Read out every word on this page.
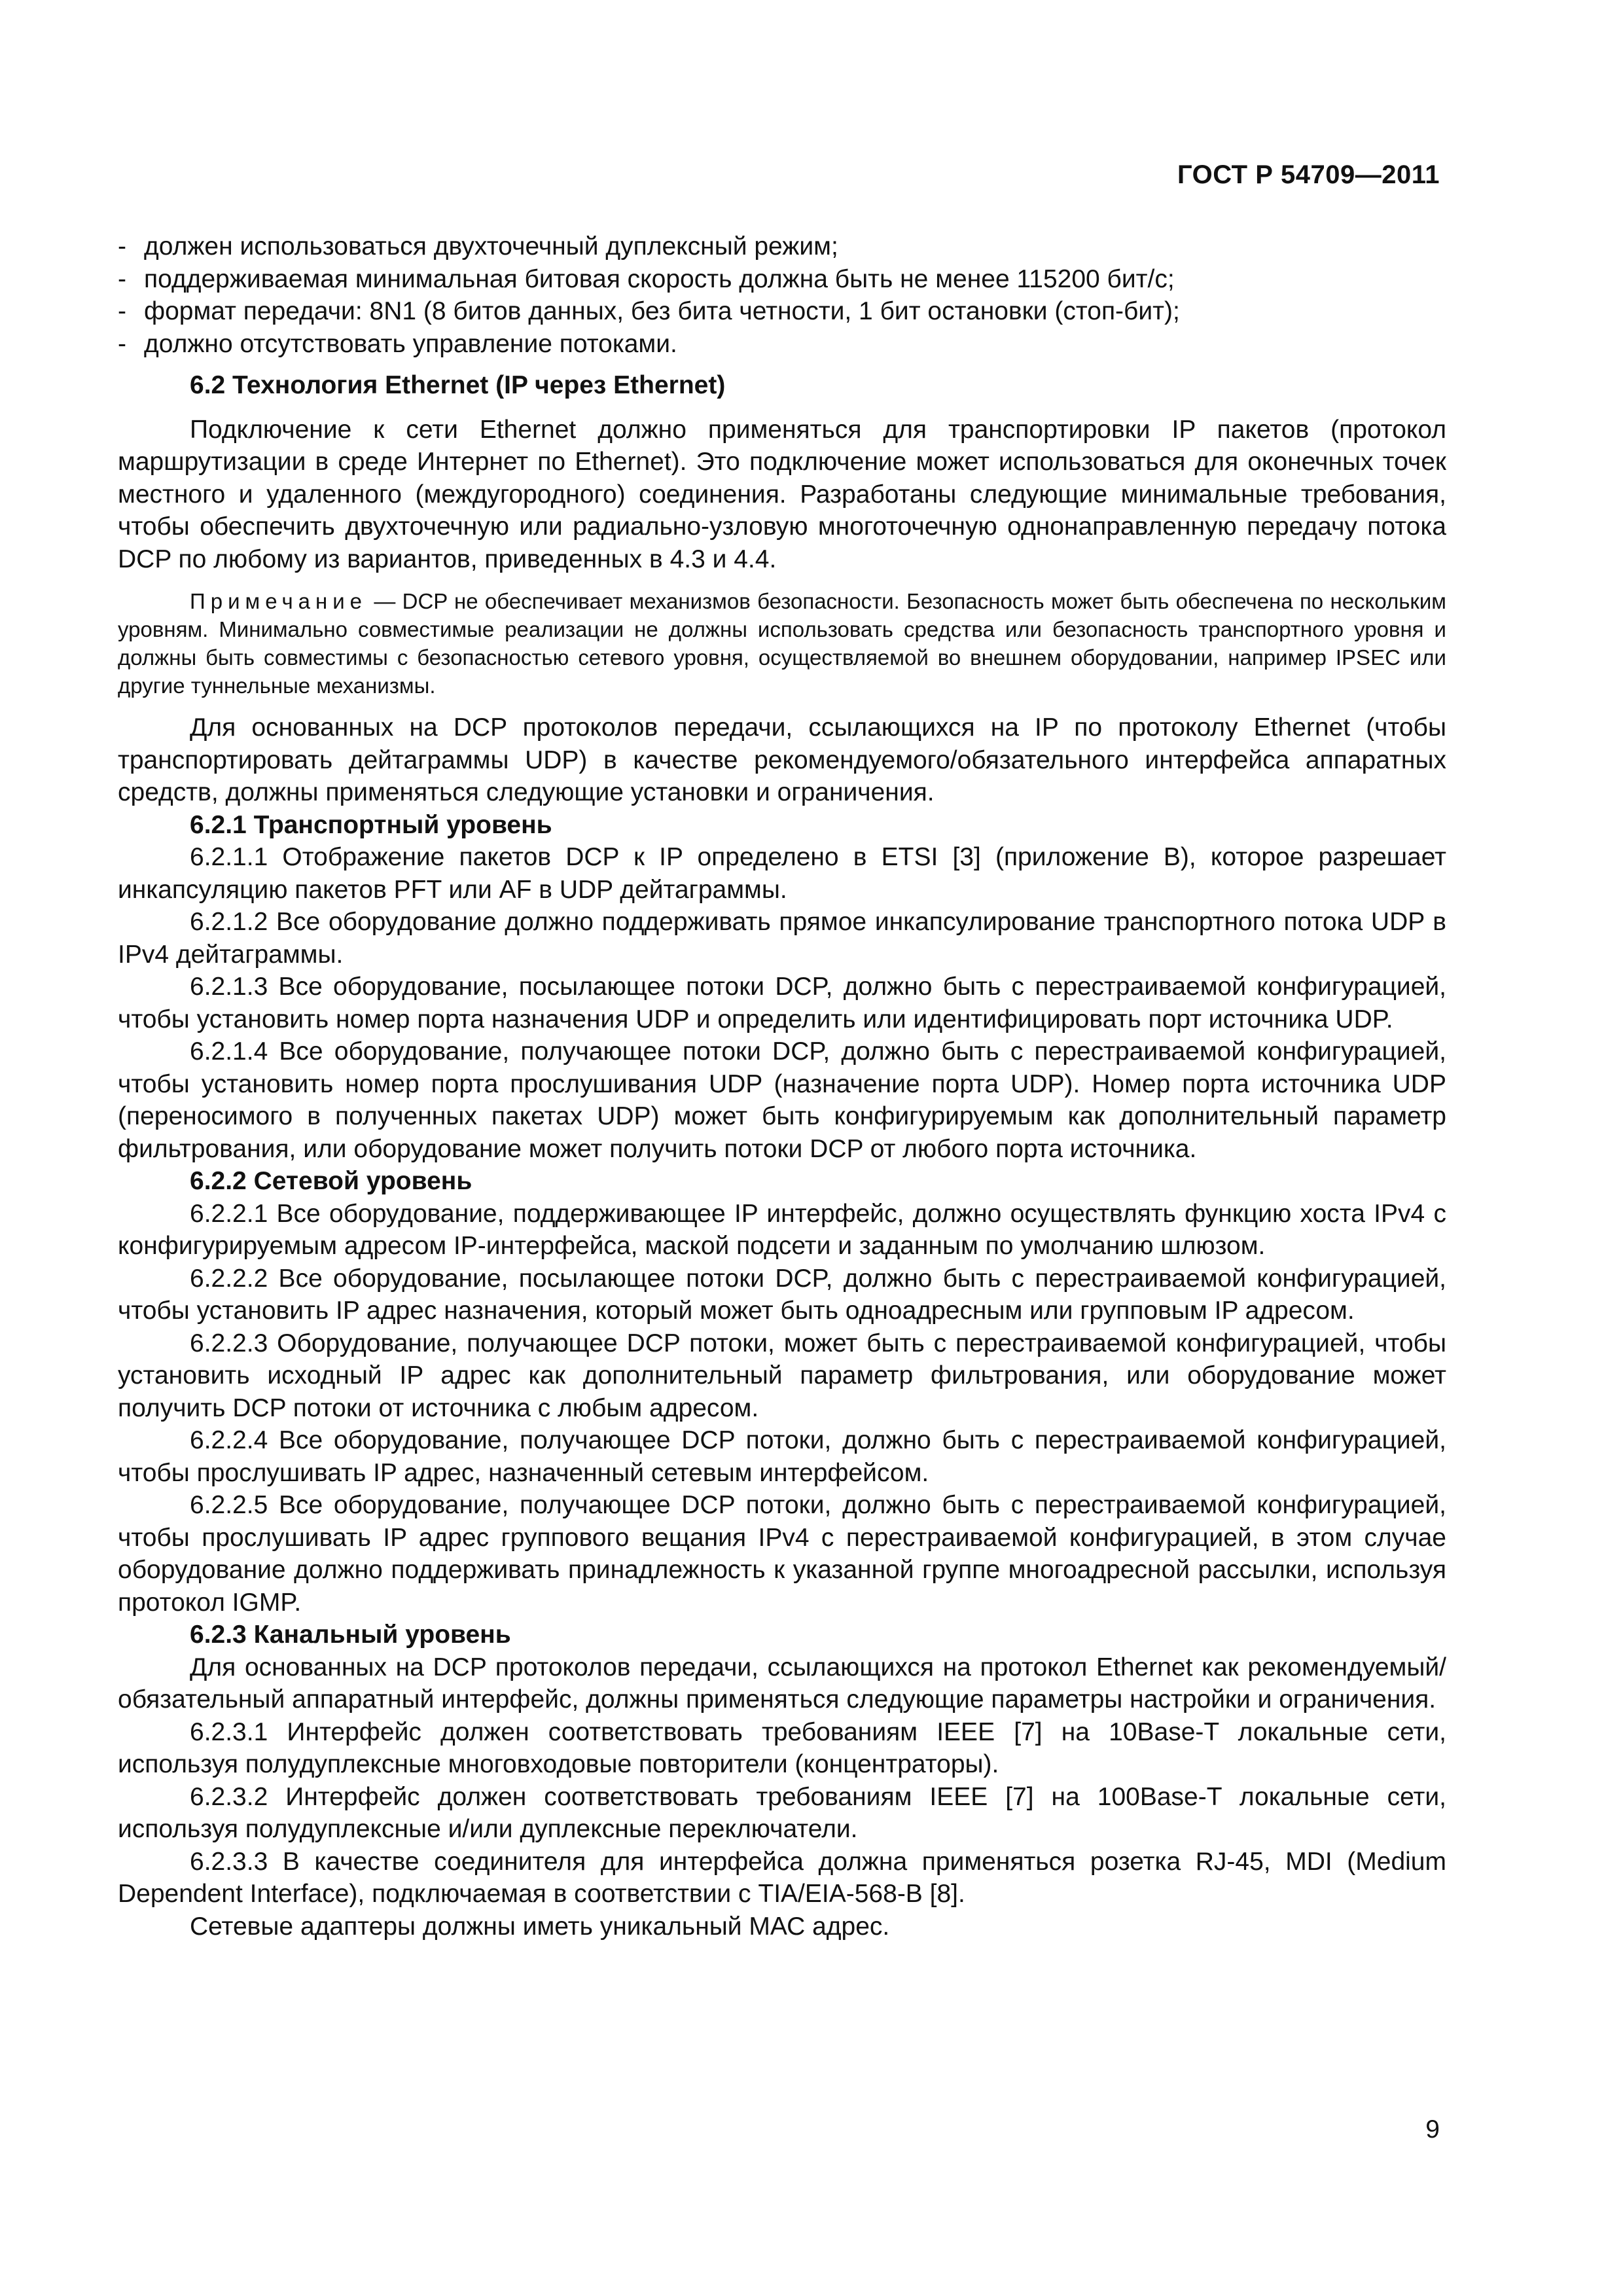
ГОСТ Р 54709—2011
- должен использоваться двухточечный дуплексный режим;
- поддерживаемая минимальная битовая скорость должна быть не менее 115200 бит/с;
- формат передачи: 8N1 (8 битов данных, без бита четности, 1 бит остановки (стоп-бит);
- должно отсутствовать управление потоками.

6.2 Технология Ethernet (IP через Ethernet)

Подключение к сети Ethernet должно применяться для транспортировки IP пакетов (протокол маршрутизации в среде Интернет по Ethernet). Это подключение может использоваться для оконечных точек местного и удаленного (междугородного) соединения. Разработаны следующие минимальные требования, чтобы обеспечить двухточечную или радиально-узловую многоточечную однонаправленную передачу потока DCP по любому из вариантов, приведенных в 4.3 и 4.4.

Примечание — DCP не обеспечивает механизмов безопасности. Безопасность может быть обеспечена по нескольким уровням. Минимально совместимые реализации не должны использовать средства или безопасность транспортного уровня и должны быть совместимы с безопасностью сетевого уровня, осуществляемой во внешнем оборудовании, например IPSEC или другие туннельные механизмы.

Для основанных на DCP протоколов передачи, ссылающихся на IP по протоколу Ethernet (чтобы транспортировать дейтаграммы UDP) в качестве рекомендуемого/обязательного интерфейса аппаратных средств, должны применяться следующие установки и ограничения.

6.2.1 Транспортный уровень

6.2.1.1 Отображение пакетов DCP к IP определено в ETSI [3] (приложение В), которое разрешает инкапсуляцию пакетов PFT или AF в UDP дейтаграммы.

6.2.1.2 Все оборудование должно поддерживать прямое инкапсулирование транспортного потока UDP в IPv4 дейтаграммы.

6.2.1.3 Все оборудование, посылающее потоки DCP, должно быть с перестраиваемой конфигурацией, чтобы установить номер порта назначения UDP и определить или идентифицировать порт источника UDP.

6.2.1.4 Все оборудование, получающее потоки DCP, должно быть с перестраиваемой конфигурацией, чтобы установить номер порта прослушивания UDP (назначение порта UDP). Номер порта источника UDP (переносимого в полученных пакетах UDP) может быть конфигурируемым как дополнительный параметр фильтрования, или оборудование может получить потоки DCP от любого порта источника.

6.2.2 Сетевой уровень

6.2.2.1 Все оборудование, поддерживающее IP интерфейс, должно осуществлять функцию хоста IPv4 с конфигурируемым адресом IP-интерфейса, маской подсети и заданным по умолчанию шлюзом.

6.2.2.2 Все оборудование, посылающее потоки DCP, должно быть с перестраиваемой конфигурацией, чтобы установить IP адрес назначения, который может быть одноадресным или групповым IP адресом.

6.2.2.3 Оборудование, получающее DCP потоки, может быть с перестраиваемой конфигурацией, чтобы установить исходный IP адрес как дополнительный параметр фильтрования, или оборудование может получить DCP потоки от источника с любым адресом.

6.2.2.4 Все оборудование, получающее DCP потоки, должно быть с перестраиваемой конфигурацией, чтобы прослушивать IP адрес, назначенный сетевым интерфейсом.

6.2.2.5 Все оборудование, получающее DCP потоки, должно быть с перестраиваемой конфигурацией, чтобы прослушивать IP адрес группового вещания IPv4 с перестраиваемой конфигурацией, в этом случае оборудование должно поддерживать принадлежность к указанной группе многоадресной рассылки, используя протокол IGMP.

6.2.3 Канальный уровень

Для основанных на DCP протоколов передачи, ссылающихся на протокол Ethernet как рекомендуемый/обязательный аппаратный интерфейс, должны применяться следующие параметры настройки и ограничения.

6.2.3.1 Интерфейс должен соответствовать требованиям IEEE [7] на 10Base-T локальные сети, используя полудуплексные многовходовые повторители (концентраторы).

6.2.3.2 Интерфейс должен соответствовать требованиям IEEE [7] на 100Base-T локальные сети, используя полудуплексные и/или дуплексные переключатели.

6.2.3.3 В качестве соединителя для интерфейса должна применяться розетка RJ-45, MDI (Medium Dependent Interface), подключаемая в соответствии с TIA/EIA-568-B [8].

Сетевые адаптеры должны иметь уникальный МАС адрес.

9
